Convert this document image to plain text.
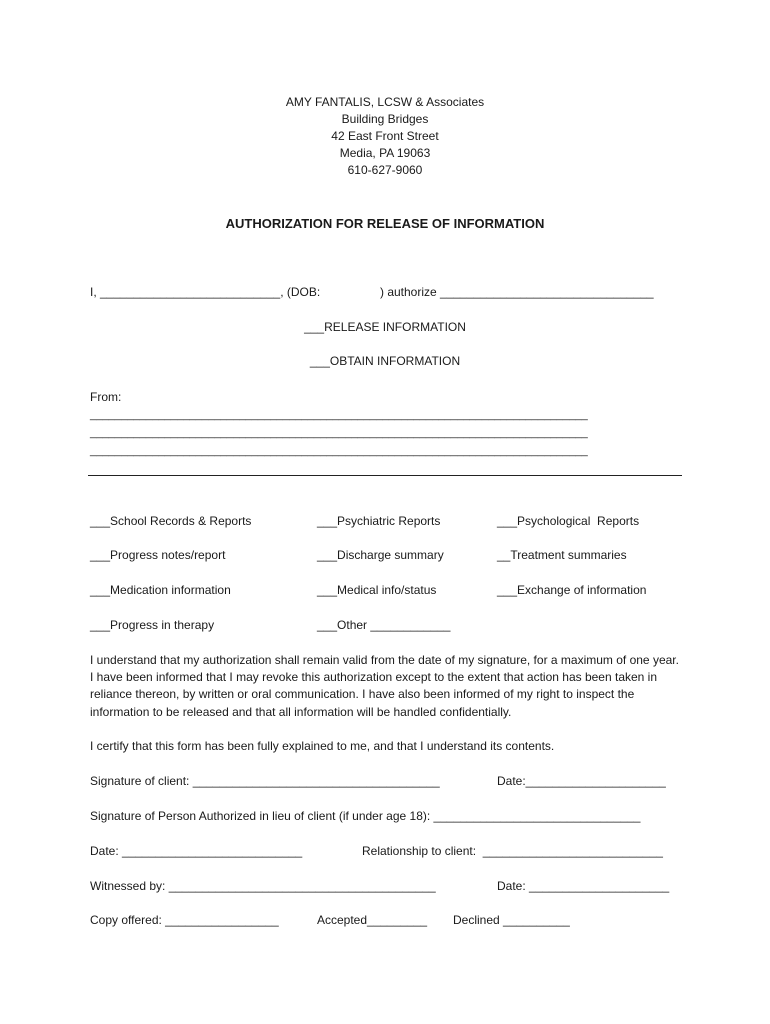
AMY FANTALIS, LCSW & Associates
Building Bridges
42 East Front Street
Media, PA 19063
610-627-9060
AUTHORIZATION FOR RELEASE OF INFORMATION
I, ___________________________, (DOB:	) authorize ________________________________
___RELEASE INFORMATION
___OBTAIN INFORMATION
From:
________________________________________________________________________________
________________________________________________________________________________
________________________________________________________________________________
___School Records & Reports	___Psychiatric Reports	___Psychological  Reports
___Progress notes/report	___Discharge summary	__Treatment summaries
___Medication information	___Medical info/status	___Exchange of information
___Progress in therapy	___Other ____________
I understand that my authorization shall remain valid from the date of my signature, for a maximum of one year. I have been informed that I may revoke this authorization except to the extent that action has been taken in reliance thereon, by written or oral communication. I have also been informed of my right to inspect the information to be released and that all information will be handled confidentially.
I certify that this form has been fully explained to me, and that I understand its contents.
Signature of client: _____________________________________	Date:_____________________
Signature of Person Authorized in lieu of client (if under age 18): _______________________________
Date: ___________________________	Relationship to client:  ___________________________
Witnessed by: ________________________________________	Date: _____________________
Copy offered: _________________	Accepted_________ Declined __________
